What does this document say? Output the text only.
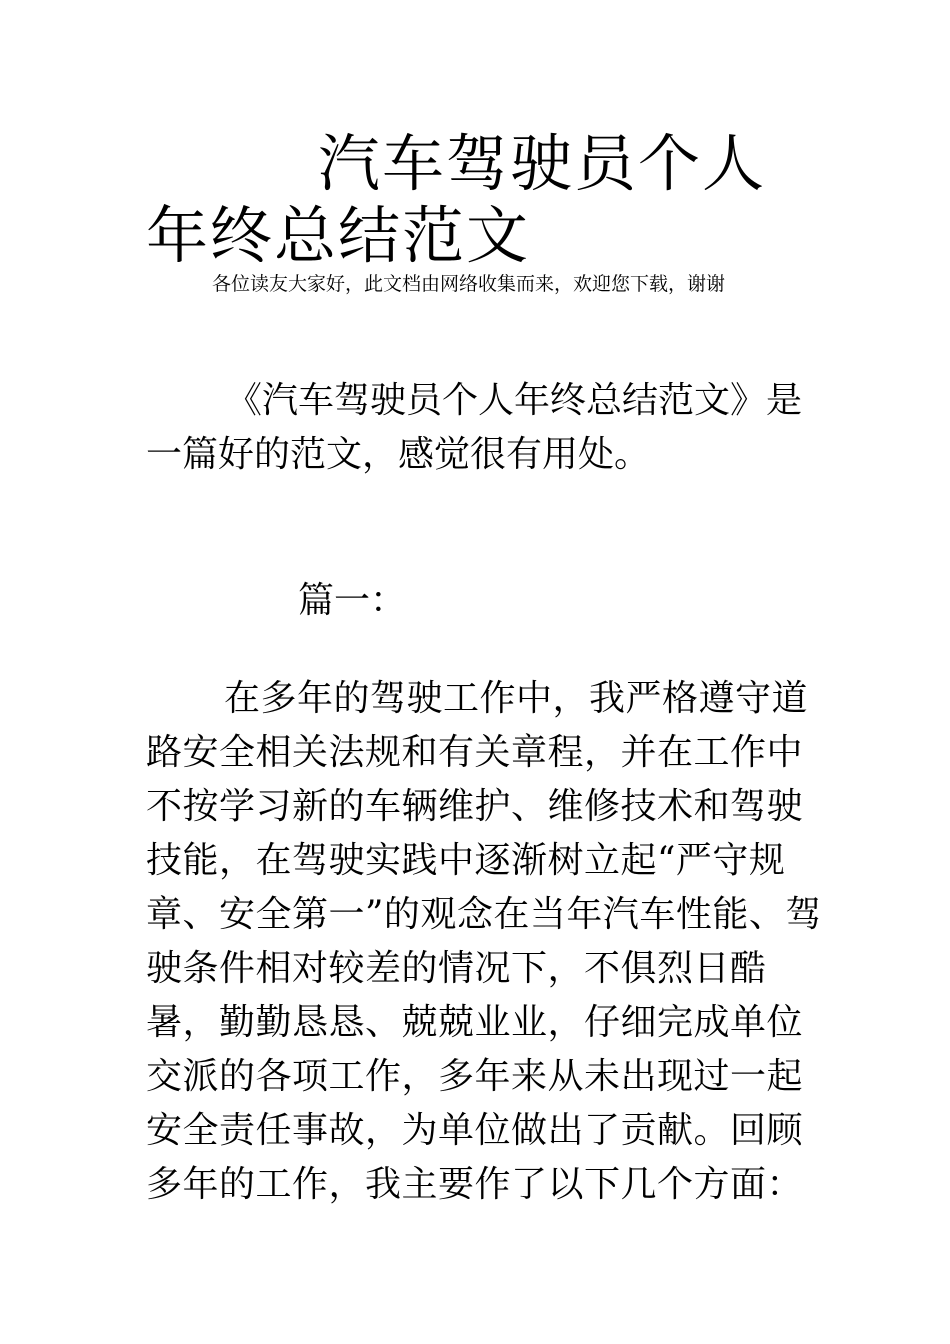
汽车驾驶员个人年终总结范文

各位读友大家好，此文档由网络收集而来，欢迎您下载，谢谢

《汽车驾驶员个人年终总结范文》是一篇好的范文，感觉很有用处。

篇一：

在多年的驾驶工作中，我严格遵守道路安全相关法规和有关章程，并在工作中不按学习新的车辆维护、维修技术和驾驶技能，在驾驶实践中逐渐树立起“严守规章、安全第一”的观念在当年汽车性能、驾驶条件相对较差的情况下，不俱烈日酷暑，勤勤恳恳、兢兢业业，仔细完成单位交派的各项工作，多年来从未出现过一起安全责任事故，为单位做出了贡献。回顾多年的工作，我主要作了以下几个方面：
